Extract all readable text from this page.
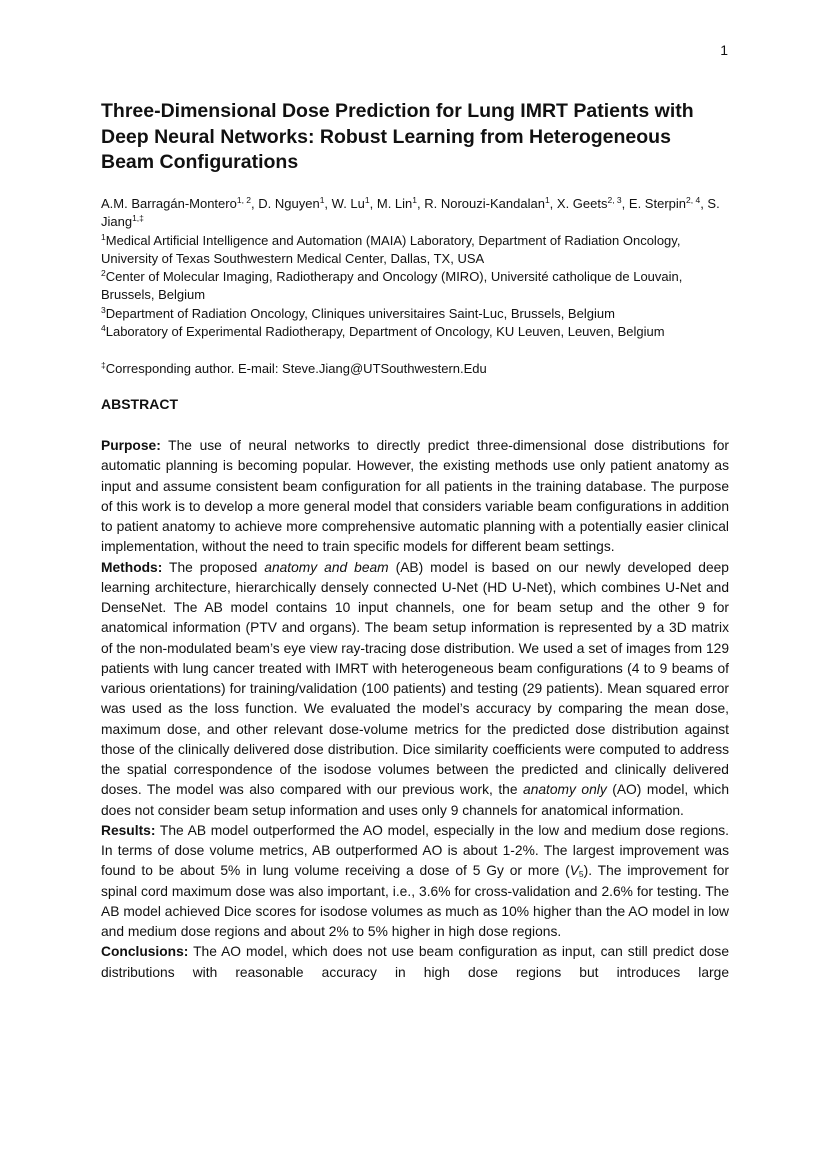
1
Three-Dimensional Dose Prediction for Lung IMRT Patients with Deep Neural Networks: Robust Learning from Heterogeneous Beam Configurations

A.M. Barragán-Montero$^{1, 2}$, D. Nguyen$^1$, W. Lu$^1$, M. Lin$^1$, R. Norouzi-Kandalan$^1$, X. Geets$^{2, 3}$, E. Sterpin$^{2, 4}$, S. Jiang$^{1,\ddagger}$

$^1$Medical Artificial Intelligence and Automation (MAIA) Laboratory, Department of Radiation Oncology, University of Texas Southwestern Medical Center, Dallas, TX, USA

$^2$Center of Molecular Imaging, Radiotherapy and Oncology (MIRO), Université catholique de Louvain, Brussels, Belgium

$^3$Department of Radiation Oncology, Cliniques universitaires Saint-Luc, Brussels, Belgium

$^4$Laboratory of Experimental Radiotherapy, Department of Oncology, KU Leuven, Leuven, Belgium

‡Corresponding author. E-mail: Steve.Jiang@UTSouthwestern.Edu

ABSTRACT

Purpose: The use of neural networks to directly predict three-dimensional dose distributions for automatic planning is becoming popular. However, the existing methods use only patient anatomy as input and assume consistent beam configuration for all patients in the training database. The purpose of this work is to develop a more general model that considers variable beam configurations in addition to patient anatomy to achieve more comprehensive automatic planning with a potentially easier clinical implementation, without the need to train specific models for different beam settings.

Methods: The proposed anatomy and beam (AB) model is based on our newly developed deep learning architecture, hierarchically densely connected U-Net (HD U-Net), which combines U-Net and DenseNet. The AB model contains 10 input channels, one for beam setup and the other 9 for anatomical information (PTV and organs). The beam setup information is represented by a 3D matrix of the non-modulated beam’s eye view ray-tracing dose distribution. We used a set of images from 129 patients with lung cancer treated with IMRT with heterogeneous beam configurations (4 to 9 beams of various orientations) for training/validation (100 patients) and testing (29 patients). Mean squared error was used as the loss function. We evaluated the model’s accuracy by comparing the mean dose, maximum dose, and other relevant dose-volume metrics for the predicted dose distribution against those of the clinically delivered dose distribution. Dice similarity coefficients were computed to address the spatial correspondence of the isodose volumes between the predicted and clinically delivered doses. The model was also compared with our previous work, the anatomy only (AO) model, which does not consider beam setup information and uses only 9 channels for anatomical information.

Results: The AB model outperformed the AO model, especially in the low and medium dose regions. In terms of dose volume metrics, AB outperformed AO is about 1-2%. The largest improvement was found to be about 5% in lung volume receiving a dose of 5 Gy or more $(V_5)$. The improvement for spinal cord maximum dose was also important, i.e., 3.6% for cross-validation and 2.6% for testing. The AB model achieved Dice scores for isodose volumes as much as 10% higher than the AO model in low and medium dose regions and about 2% to 5% higher in high dose regions.

Conclusions: The AO model, which does not use beam configuration as input, can still predict dose distributions with reasonable accuracy in high dose regions but introduces large
